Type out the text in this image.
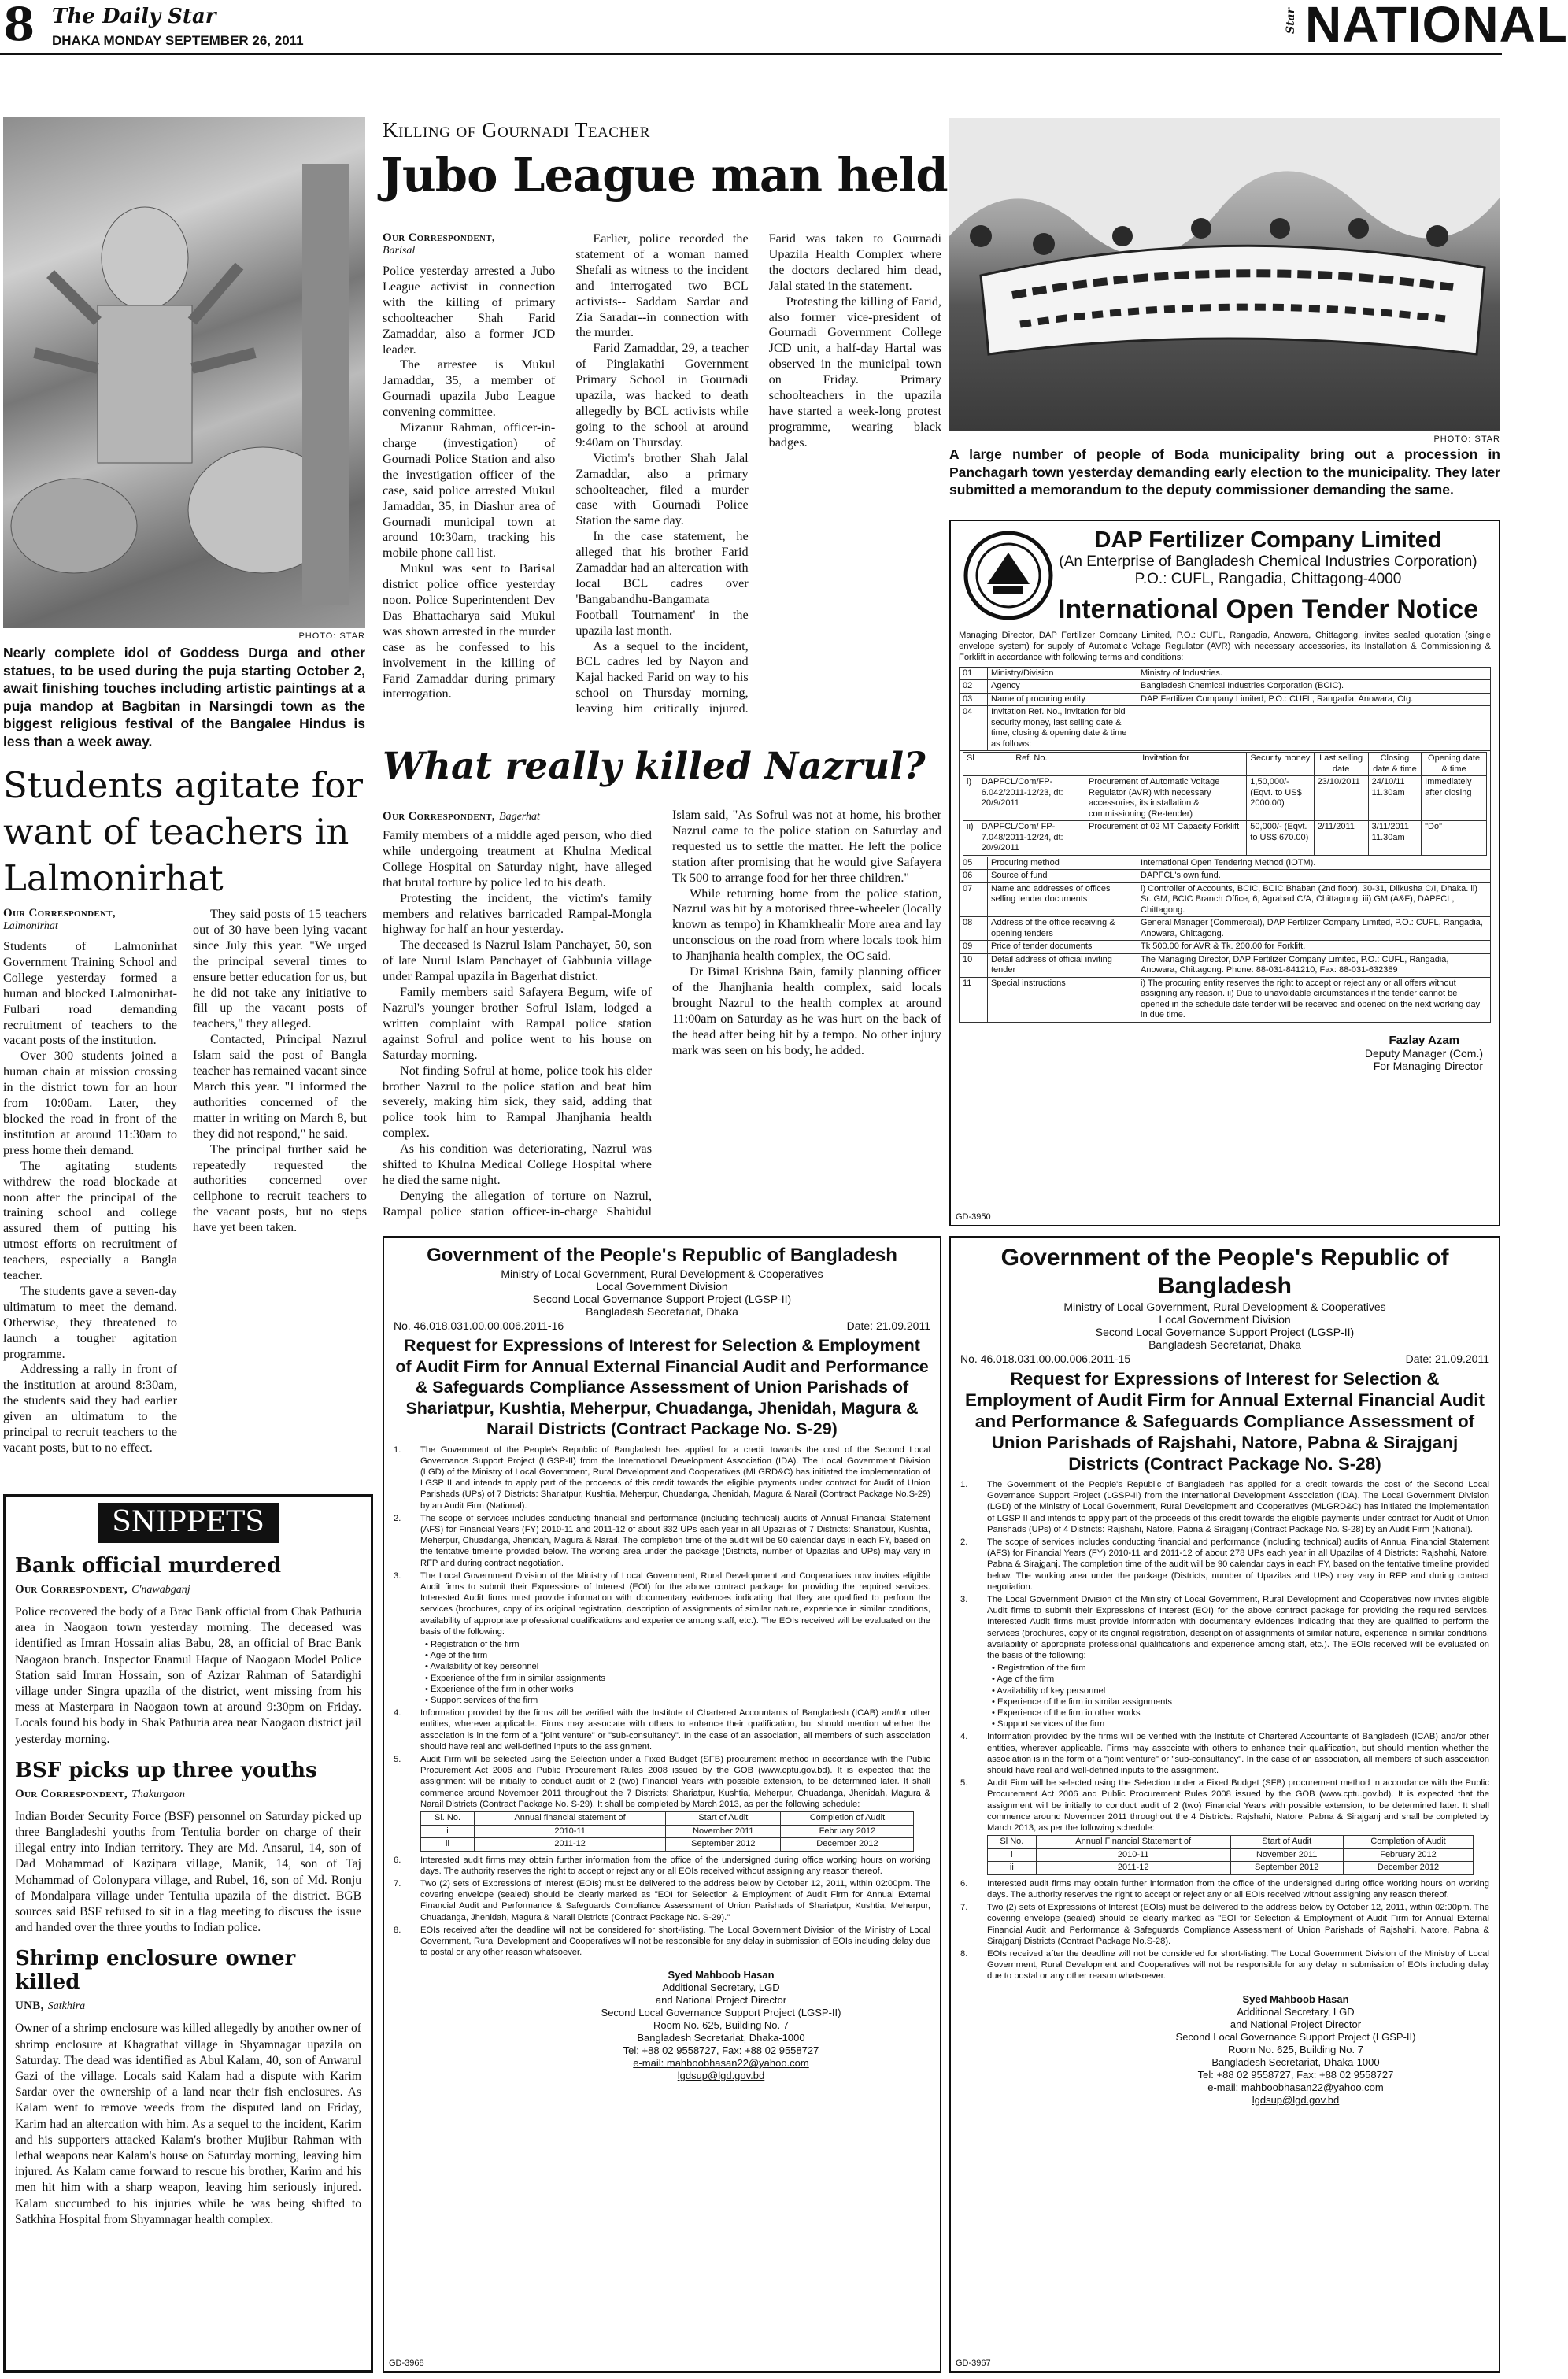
8 The Daily Star
DHAKA MONDAY SEPTEMBER 26, 2011
Star NATIONAL
PHOTO: STAR
Nearly complete idol of Goddess Durga and other statues, to be used during the puja starting October 2, await finishing touches including artistic paintings at a puja mandop at Bagbitan in Narsingdi town as the biggest religious festival of the Bangalee Hindus is less than a week away.
Killing of Gournadi Teacher
Jubo League man held
Our Correspondent,
Barisal

Police yesterday arrested a Jubo League activist in connection with the killing of primary schoolteacher Shah Farid Zamaddar, also a former JCD leader.

The arrestee is Mukul Jamaddar, 35, a member of Gournadi upazila Jubo League convening committee.

Mizanur Rahman, officer-in-charge (investigation) of Gournadi Police Station and also the investigation officer of the case, said police arrested Mukul Jamaddar, 35, in Diashur area of Gournadi municipal town at around 10:30am, tracking his mobile phone call list.

Mukul was sent to Barisal district police office yesterday noon. Police Superintendent Dev Das Bhattacharya said Mukul was shown arrested in the murder case as he confessed to his involvement in the killing of Farid Zamaddar during primary interrogation.

Earlier, police recorded the statement of a woman named Shefali as witness to the incident and interrogated two BCL activists-- Saddam Sardar and Zia Saradar--in connection with the murder.

Farid Zamaddar, 29, a teacher of Pinglakathi Government Primary School in Gournadi upazila, was hacked to death allegedly by BCL activists while going to the school at around 9:40am on Thursday.

Victim's brother Shah Jalal Zamaddar, also a primary schoolteacher, filed a murder case with Gournadi Police Station the same day.

In the case statement, he alleged that his brother Farid Zamaddar had an altercation with local BCL cadres over 'Bangabandhu-Bangamata Football Tournament' in the upazila last month.

As a sequel to the incident, BCL cadres led by Nayon and Kajal hacked Farid on way to his school on Thursday morning, leaving him critically injured. Farid was taken to Gournadi Upazila Health Complex where the doctors declared him dead, Jalal stated in the statement.

Protesting the killing of Farid, also former vice-president of Gournadi Government College JCD unit, a half-day Hartal was observed in the municipal town on Friday. Primary schoolteachers in the upazila have started a week-long protest programme, wearing black badges.	PHOTO: STAR
A large number of people of Boda municipality bring out a procession in Panchagarh town yesterday demanding early election to the municipality. They later submitted a memorandum to the deputy commissioner demanding the same.
Students agitate for want of teachers in Lalmonirhat
Our Correspondent,
Lalmonirhat

Students of Lalmonirhat Government Training School and College yesterday formed a human and blocked Lalmonirhat-Fulbari road demanding recruitment of teachers to the vacant posts of the institution.

Over 300 students joined a human chain at mission crossing in the district town for an hour from 10:00am. Later, they blocked the road in front of the institution at around 11:30am to press home their demand.

The agitating students withdrew the road blockade at noon after the principal of the training school and college assured them of putting his utmost efforts on recruitment of teachers, especially a Bangla teacher.

The students gave a seven-day ultimatum to meet the demand. Otherwise, they threatened to launch a tougher agitation programme.

Addressing a rally in front of the institution at around 8:30am, the students said they had earlier given an ultimatum to the principal to recruit teachers to the vacant posts, but to no effect.

They said posts of 15 teachers out of 30 have been lying vacant since July this year. "We urged the principal several times to ensure better education for us, but he did not take any initiative to fill up the vacant posts of teachers," they alleged.

Contacted, Principal Nazrul Islam said the post of Bangla teacher has remained vacant since March this year. "I informed the authorities concerned of the matter in writing on March 8, but they did not respond," he said.

The principal further said he repeatedly requested the authorities concerned over cellphone to recruit teachers to the vacant posts, but no steps have yet been taken.

What really killed Nazrul?
Our Correspondent, Bagerhat

Family members of a middle aged person, who died while undergoing treatment at Khulna Medical College Hospital on Saturday night, have alleged that brutal torture by police led to his death.

Protesting the incident, the victim's family members and relatives barricaded Rampal-Mongla highway for half an hour yesterday.

The deceased is Nazrul Islam Panchayet, 50, son of late Nurul Islam Panchayet of Gabbunia village under Rampal upazila in Bagerhat district.

Family members said Safayera Begum, wife of Nazrul's younger brother Sofrul Islam, lodged a written complaint with Rampal police station against Sofrul and police went to his house on Saturday morning.

Not finding Sofrul at home, police took his elder brother Nazrul to the police station and beat him severely, making him sick, they said, adding that police took him to Rampal Jhanjhania health complex.

As his condition was deteriorating, Nazrul was shifted to Khulna Medical College Hospital where he died the same night.

Denying the allegation of torture on Nazrul, Rampal police station officer-in-charge Shahidul Islam said, "As Sofrul was not at home, his brother Nazrul came to the police station on Saturday and requested us to settle the matter. He left the police station after promising that he would give Safayera Tk 500 to arrange food for her three children."

While returning home from the police station, Nazrul was hit by a motorised three-wheeler (locally known as tempo) in Khamkhealir More area and lay unconscious on the road from where locals took him to Jhanjhania health complex, the OC said.

Dr Bimal Krishna Bain, family planning officer of the Jhanjhania health complex, said locals brought Nazrul to the health complex at around 11:00am on Saturday as he was hurt on the back of the head after being hit by a tempo. No other injury mark was seen on his body, he added.

DAP Fertilizer Company Limited
(An Enterprise of Bangladesh Chemical Industries Corporation)
P.O.: CUFL, Rangadia, Chittagong-4000
International Open Tender Notice
Managing Director, DAP Fertilizer Company Limited, P.O.: CUFL, Rangadia, Anowara, Chittagong, invites sealed quotation (single envelope system) for supply of Automatic Voltage Regulator (AVR) with necessary accessories, its Installation & Commissioning & Forklift in accordance with following terms and conditions:
01	Ministry/Division	Ministry of Industries.
02	Agency	Bangladesh Chemical Industries Corporation (BCIC).
03	Name of procuring entity	DAP Fertilizer Company Limited, P.O.: CUFL, Rangadia, Anowara, Ctg.
04	Invitation Ref. No., invitation for bid security money, last selling date & time, closing & opening date & time as follows:	

Sl	Ref. No.	Invitation for	Security money	Last selling date	Closing date & time	Opening date & time
i)	DAPFCL/Com/FP-6.042/2011-12/23, dt: 20/9/2011	Procurement of Automatic Voltage Regulator (AVR) with necessary accessories, its installation & commissioning (Re-tender)	1,50,000/- (Eqvt. to US$ 2000.00)	23/10/2011	24/10/11 11.30am	Immediately after closing
ii)	DAPFCL/Com/ FP-7.048/2011-12/24, dt: 20/9/2011	Procurement of 02 MT Capacity Forklift	50,000/- (Eqvt. to US$ 670.00)	2/11/2011	3/11/2011 11.30am	"Do"

05	Procuring method	International Open Tendering Method (IOTM).
06	Source of fund	DAPFCL's own fund.
07	Name and addresses of offices selling tender documents	i) Controller of Accounts, BCIC, BCIC Bhaban (2nd floor), 30-31, Dilkusha C/I, Dhaka. ii) Sr. GM, BCIC Branch Office, 6, Agrabad C/A, Chittagong. iii) GM (A&F), DAPFCL, Chittagong.
08	Address of the office receiving & opening tenders	General Manager (Commercial), DAP Fertilizer Company Limited, P.O.: CUFL, Rangadia, Anowara, Chittagong.
09	Price of tender documents	Tk 500.00 for AVR & Tk. 200.00 for Forklift.
10	Detail address of official inviting tender	The Managing Director, DAP Fertilizer Company Limited, P.O.: CUFL, Rangadia, Anowara, Chittagong. Phone: 88-031-841210, Fax: 88-031-632389
11	Special instructions	i) The procuring entity reserves the right to accept or reject any or all offers without assigning any reason. ii) Due to unavoidable circumstances if the tender cannot be opened in the schedule date tender will be received and opened on the next working day in due time.
Fazlay Azam
Deputy Manager (Com.)
For Managing Director
GD-3950
Government of the People's Republic of Bangladesh
Ministry of Local Government, Rural Development & Cooperatives
Local Government Division
Second Local Governance Support Project (LGSP-II)
Bangladesh Secretariat, Dhaka
No. 46.018.031.00.00.006.2011-16	Date: 21.09.2011
Request for Expressions of Interest for Selection & Employment of Audit Firm for Annual External Financial Audit and Performance & Safeguards Compliance Assessment of Union Parishads of Shariatpur, Kushtia, Meherpur, Chuadanga, Jhenidah, Magura & Narail Districts (Contract Package No. S-29)
1.	The Government of the People's Republic of Bangladesh has applied for a credit towards the cost of the Second Local Governance Support Project (LGSP-II) from the International Development Association (IDA). The Local Government Division (LGD) of the Ministry of Local Government, Rural Development and Cooperatives (MLGRD&C) has initiated the implementation of LGSP II and intends to apply part of the proceeds of this credit towards the eligible payments under contract for Audit of Union Parishads (UPs) of 7 Districts: Shariatpur, Kushtia, Meherpur, Chuadanga, Jhenidah, Magura & Narail (Contract Package No.S-29) by an Audit Firm (National).
2.	The scope of services includes conducting financial and performance (including technical) audits of Annual Financial Statement (AFS) for Financial Years (FY) 2010-11 and 2011-12 of about 332 UPs each year in all Upazilas of 7 Districts: Shariatpur, Kushtia, Meherpur, Chuadanga, Jhenidah, Magura & Narail. The completion time of the audit will be 90 calendar days in each FY, based on the tentative timeline provided below. The working area under the package (Districts, number of Upazilas and UPs) may vary in RFP and during contract negotiation.
3.	The Local Government Division of the Ministry of Local Government, Rural Development and Cooperatives now invites eligible Audit firms to submit their Expressions of Interest (EOI) for the above contract package for providing the required services. Interested Audit firms must provide information with documentary evidences indicating that they are qualified to perform the services (brochures, copy of its original registration, description of assignments of similar nature, experience in similar conditions, availability of appropriate professional qualifications and experience among staff, etc.). The EOIs received will be evaluated on the basis of the following:
• Registration of the firm
• Age of the firm
• Availability of key personnel
• Experience of the firm in similar assignments
• Experience of the firm in other works
• Support services of the firm
4.	Information provided by the firms will be verified with the Institute of Chartered Accountants of Bangladesh (ICAB) and/or other entities, wherever applicable. Firms may associate with others to enhance their qualification, but should mention whether the association is in the form of a "joint venture" or "sub-consultancy". In the case of an association, all members of such association should have real and well-defined inputs to the assignment.
5.	Audit Firm will be selected using the Selection under a Fixed Budget (SFB) procurement method in accordance with the Public Procurement Act 2006 and Public Procurement Rules 2008 issued by the GOB (www.cptu.gov.bd). It is expected that the assignment will be initially to conduct audit of 2 (two) Financial Years with possible extension, to be determined later. It shall commence around November 2011 throughout the 7 Districts: Shariatpur, Kushtia, Meherpur, Chuadanga, Jhenidah, Magura & Narail Districts (Contract Package No. S-29). It shall be completed by March 2013, as per the following schedule:
Sl. No.	Annual financial statement of	Start of Audit	Completion of Audit
i	2010-11	November 2011	February 2012
ii	2011-12	September 2012	December 2012
6.	Interested audit firms may obtain further information from the office of the undersigned during office working hours on working days. The authority reserves the right to accept or reject any or all EOIs received without assigning any reason thereof.
7.	Two (2) sets of Expressions of Interest (EOIs) must be delivered to the address below by October 12, 2011, within 02:00pm. The covering envelope (sealed) should be clearly marked as "EOI for Selection & Employment of Audit Firm for Annual External Financial Audit and Performance & Safeguards Compliance Assessment of Union Parishads of Shariatpur, Kushtia, Meherpur, Chuadanga, Jhenidah, Magura & Narail Districts (Contract Package No. S-29)."
8.	EOIs received after the deadline will not be considered for short-listing. The Local Government Division of the Ministry of Local Government, Rural Development and Cooperatives will not be responsible for any delay in submission of EOIs including delay due to postal or any other reason whatsoever.
Syed Mahboob Hasan
Additional Secretary, LGD
and National Project Director
Second Local Governance Support Project (LGSP-II)
Room No. 625, Building No. 7
Bangladesh Secretariat, Dhaka-1000
Tel: +88 02 9558727, Fax: +88 02 9558727
e-mail: mahboobhasan22@yahoo.com
lgdsup@lgd.gov.bd
GD-3968
Government of the People's Republic of Bangladesh
Ministry of Local Government, Rural Development & Cooperatives
Local Government Division
Second Local Governance Support Project (LGSP-II)
Bangladesh Secretariat, Dhaka
No. 46.018.031.00.00.006.2011-15	Date: 21.09.2011
Request for Expressions of Interest for Selection & Employment of Audit Firm for Annual External Financial Audit and Performance & Safeguards Compliance Assessment of Union Parishads of Rajshahi, Natore, Pabna & Sirajganj Districts (Contract Package No. S-28)
1.	The Government of the People's Republic of Bangladesh has applied for a credit towards the cost of the Second Local Governance Support Project (LGSP-II) from the International Development Association (IDA). The Local Government Division (LGD) of the Ministry of Local Government, Rural Development and Cooperatives (MLGRD&C) has initiated the implementation of LGSP II and intends to apply part of the proceeds of this credit towards the eligible payments under contract for Audit of Union Parishads (UPs) of 4 Districts: Rajshahi, Natore, Pabna & Sirajganj (Contract Package No. S-28) by an Audit Firm (National).
2.	The scope of services includes conducting financial and performance (including technical) audits of Annual Financial Statement (AFS) for Financial Years (FY) 2010-11 and 2011-12 of about 278 UPs each year in all Upazilas of 4 Districts: Rajshahi, Natore, Pabna & Sirajganj. The completion time of the audit will be 90 calendar days in each FY, based on the tentative timeline provided below. The working area under the package (Districts, number of Upazilas and UPs) may vary in RFP and during contract negotiation.
3.	The Local Government Division of the Ministry of Local Government, Rural Development and Cooperatives now invites eligible Audit firms to submit their Expressions of Interest (EOI) for the above contract package for providing the required services. Interested Audit firms must provide information with documentary evidences indicating that they are qualified to perform the services (brochures, copy of its original registration, description of assignments of similar nature, experience in similar conditions, availability of appropriate professional qualifications and experience among staff, etc.). The EOIs received will be evaluated on the basis of the following:
• Registration of the firm
• Age of the firm
• Availability of key personnel
• Experience of the firm in similar assignments
• Experience of the firm in other works
• Support services of the firm
4.	Information provided by the firms will be verified with the Institute of Chartered Accountants of Bangladesh (ICAB) and/or other entities, wherever applicable. Firms may associate with others to enhance their qualification, but should mention whether the association is in the form of a "joint venture" or "sub-consultancy". In the case of an association, all members of such association should have real and well-defined inputs to the assignment.
5.	Audit Firm will be selected using the Selection under a Fixed Budget (SFB) procurement method in accordance with the Public Procurement Act 2006 and Public Procurement Rules 2008 issued by the GOB (www.cptu.gov.bd). It is expected that the assignment will be initially to conduct audit of 2 (two) Financial Years with possible extension, to be determined later. It shall commence around November 2011 throughout the 4 Districts: Rajshahi, Natore, Pabna & Sirajganj and shall be completed by March 2013, as per the following schedule:
Sl No.	Annual Financial Statement of	Start of Audit	Completion of Audit
i	2010-11	November 2011	February 2012
ii	2011-12	September 2012	December 2012
6.	Interested audit firms may obtain further information from the office of the undersigned during office working hours on working days. The authority reserves the right to accept or reject any or all EOIs received without assigning any reason thereof.
7.	Two (2) sets of Expressions of Interest (EOIs) must be delivered to the address below by October 12, 2011, within 02:00pm. The covering envelope (sealed) should be clearly marked as "EOI for Selection & Employment of Audit Firm for Annual External Financial Audit and Performance & Safeguards Compliance Assessment of Union Parishads of Rajshahi, Natore, Pabna & Sirajganj Districts (Contract Package No.S-28).
8.	EOIs received after the deadline will not be considered for short-listing. The Local Government Division of the Ministry of Local Government, Rural Development and Cooperatives will not be responsible for any delay in submission of EOIs including delay due to postal or any other reason whatsoever.
Syed Mahboob Hasan
Additional Secretary, LGD
and National Project Director
Second Local Governance Support Project (LGSP-II)
Room No. 625, Building No. 7
Bangladesh Secretariat, Dhaka-1000
Tel: +88 02 9558727, Fax: +88 02 9558727
e-mail: mahboobhasan22@yahoo.com
lgdsup@lgd.gov.bd
GD-3967
SNIPPETS
Bank official murdered
Our Correspondent, C'nawabganj
Police recovered the body of a Brac Bank official from Chak Pathuria area in Naogaon town yesterday morning. The deceased was identified as Imran Hossain alias Babu, 28, an official of Brac Bank Naogaon branch. Inspector Enamul Haque of Naogaon Model Police Station said Imran Hossain, son of Azizar Rahman of Satardighi village under Singra upazila of the district, went missing from his mess at Masterpara in Naogaon town at around 9:30pm on Friday. Locals found his body in Shak Pathuria area near Naogaon district jail yesterday morning.
BSF picks up three youths
Our Correspondent, Thakurgaon
Indian Border Security Force (BSF) personnel on Saturday picked up three Bangladeshi youths from Tentulia border on charge of their illegal entry into Indian territory. They are Md. Ansarul, 14, son of Dad Mohammad of Kazipara village, Manik, 14, son of Taj Mohammad of Colonypara village, and Rubel, 16, son of Md. Ronju of Mondalpara village under Tentulia upazila of the district. BGB sources said BSF refused to sit in a flag meeting to discuss the issue and handed over the three youths to Indian police.
Shrimp enclosure owner killed
UNB, Satkhira
Owner of a shrimp enclosure was killed allegedly by another owner of shrimp enclosure at Khagrathat village in Shyamnagar upazila on Saturday. The dead was identified as Abul Kalam, 40, son of Anwarul Gazi of the village. Locals said Kalam had a dispute with Karim Sardar over the ownership of a land near their fish enclosures. As Kalam went to remove weeds from the disputed land on Friday, Karim had an altercation with him. As a sequel to the incident, Karim and his supporters attacked Kalam's brother Mujibur Rahman with lethal weapons near Kalam's house on Saturday morning, leaving him injured. As Kalam came forward to rescue his brother, Karim and his men hit him with a sharp weapon, leaving him seriously injured. Kalam succumbed to his injuries while he was being shifted to Satkhira Hospital from Shyamnagar health complex.
